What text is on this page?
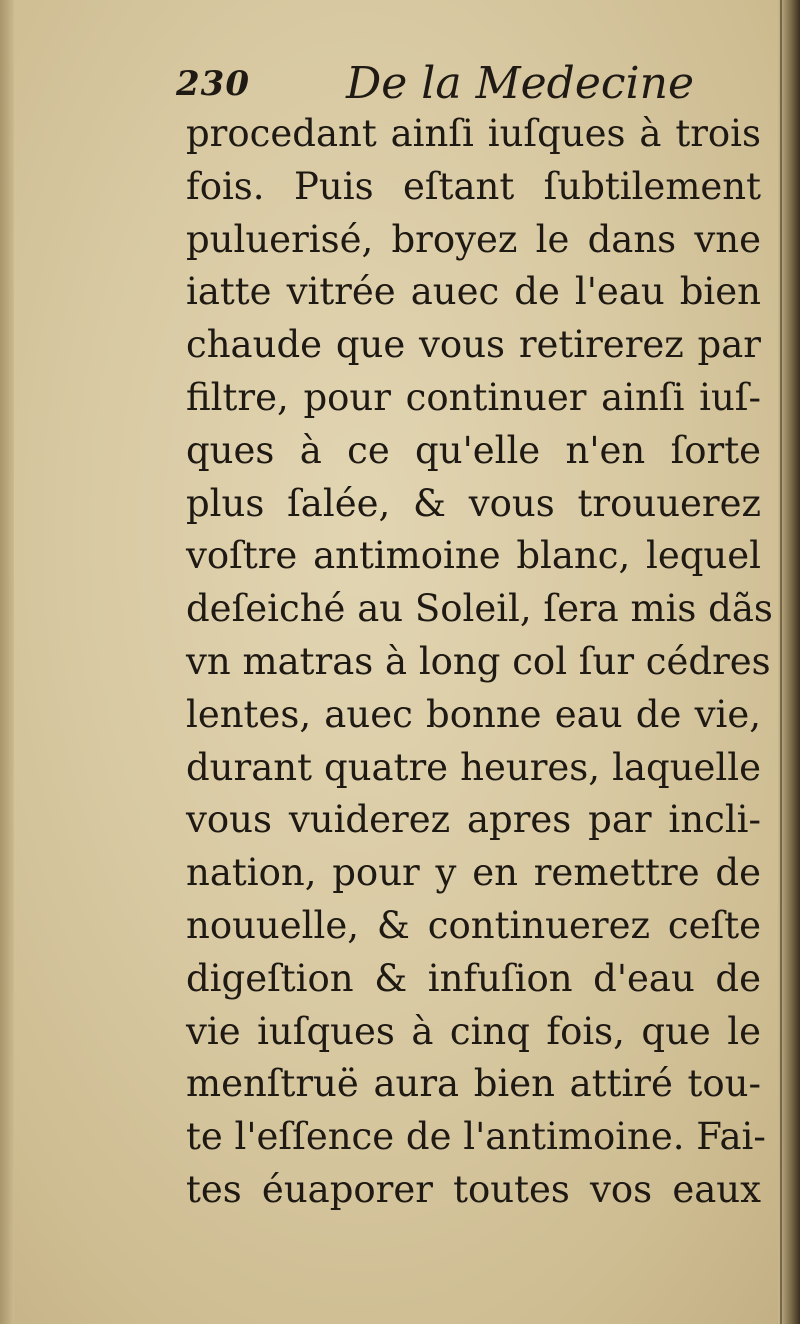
230 De la Medecine
procedant ainſi iuſques à trois
fois. Puis eſtant ſubtilement
puluerisé, broyez le dans vne
iatte vitrée auec de l'eau bien
chaude que vous retirerez par
filtre, pour continuer ainſi iuſ-
ques à ce qu'elle n'en ſorte
plus ſalée, & vous trouuerez
voſtre antimoine blanc, lequel
deſeiché au Soleil, ſera mis dãs
vn matras à long col ſur cédres
lentes, auec bonne eau de vie,
durant quatre heures, laquelle
vous vuiderez apres par incli-
nation, pour y en remettre de
nouuelle, & continuerez ceſte
digeſtion & infuſion d'eau de
vie iuſques à cinq fois, que le
menſtruë aura bien attiré tou-
te l'eſſence de l'antimoine. Fai-
tes éuaporer toutes vos eaux
